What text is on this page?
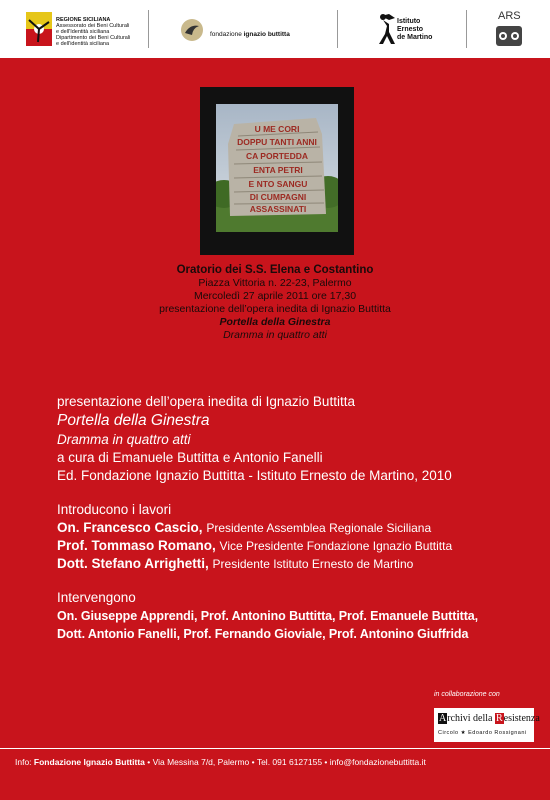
REGIONE SICILIANA
Assessorato dei Beni Culturali
e dell'Identità siciliana
Dipartimento dei Beni Culturali
e dell'identità siciliana
fondazione ignazio buttitta
Istituto
Ernesto
de Martino
ARS
U ME CORI
DOPPU TANTI ANNI
CA PORTEDDA
ENTA PETRI
E NTO SANGU
DI CUMPAGNI
ASSASSINATI
Oratorio dei S.S. Elena e Costantino
Piazza Vittoria n. 22-23, Palermo
Mercoledì 27 aprile 2011 ore 17,30
presentazione dell’opera inedita di Ignazio Buttitta
Portella della Ginestra
Dramma in quattro atti
presentazione dell’opera inedita di Ignazio Buttitta
Portella della Ginestra
Dramma in quattro atti
a cura di Emanuele Buttitta e Antonio Fanelli
Ed. Fondazione Ignazio Buttitta - Istituto Ernesto de Martino, 2010
Introducono i lavori
On. Francesco Cascio, Presidente Assemblea Regionale Siciliana
Prof. Tommaso Romano, Vice Presidente Fondazione Ignazio Buttitta
Dott. Stefano Arrighetti, Presidente Istituto Ernesto de Martino
Intervengono
On. Giuseppe Apprendi, Prof. Antonino Buttitta, Prof. Emanuele Buttitta,
Dott. Antonio Fanelli, Prof. Fernando Gioviale, Prof. Antonino Giuffrida
in collaborazione con
Archivi della Resistenza
Circolo ★ Edoardo Rossignani
Info: Fondazione Ignazio Buttitta • Via Messina 7/d, Palermo • Tel. 091 6127155 • info@fondazionebuttitta.it
